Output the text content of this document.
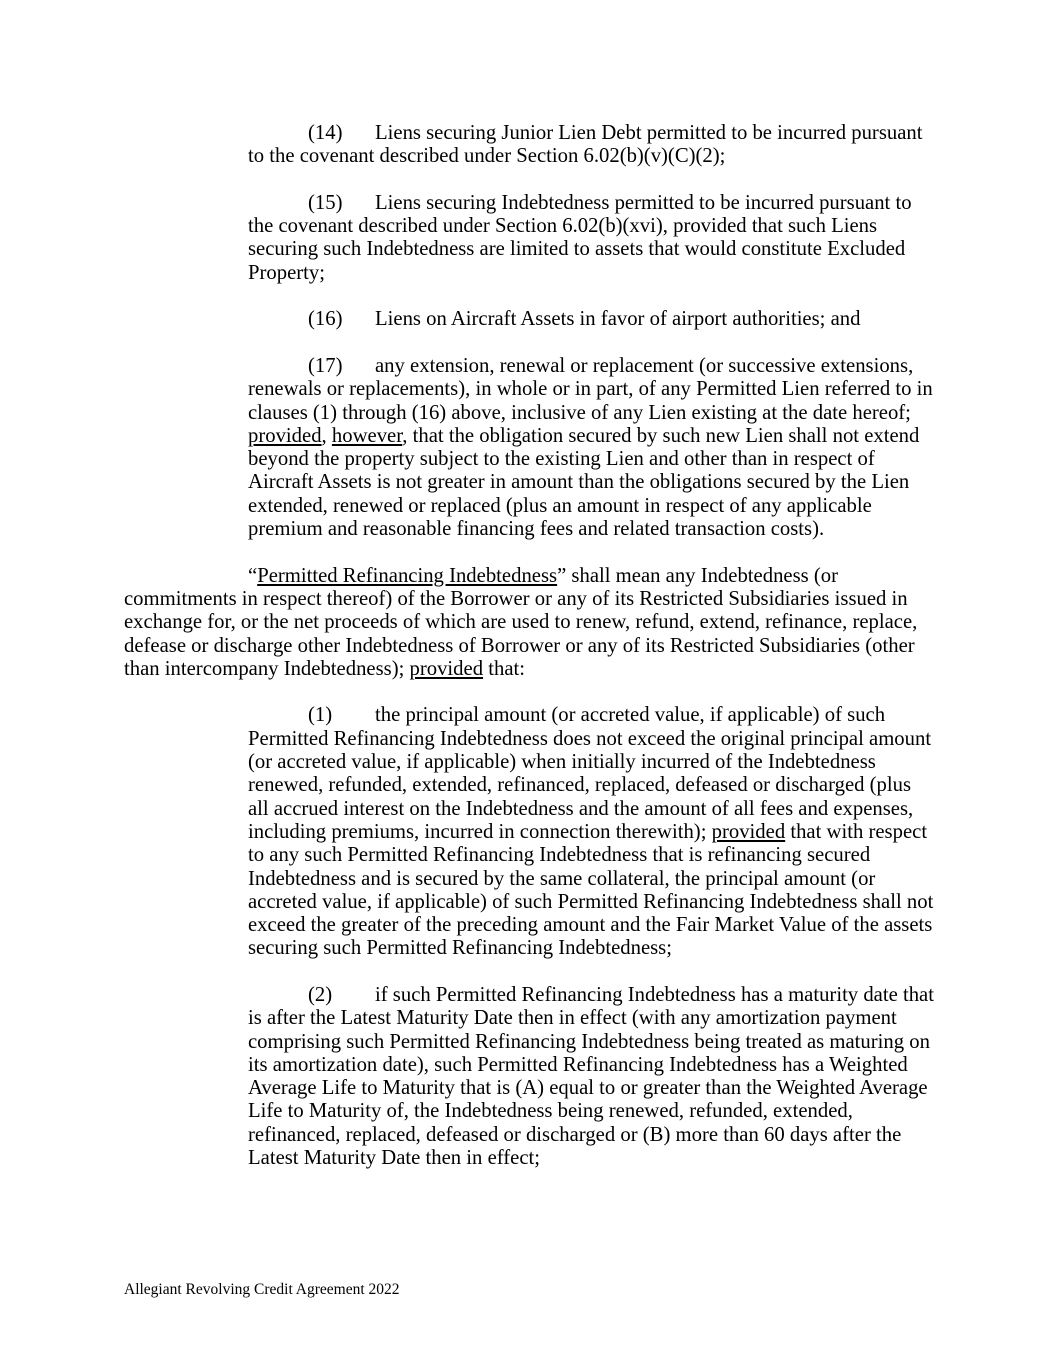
(14) Liens securing Junior Lien Debt permitted to be incurred pursuant to the covenant described under Section 6.02(b)(v)(C)(2);

(15) Liens securing Indebtedness permitted to be incurred pursuant to the covenant described under Section 6.02(b)(xvi), provided that such Liens securing such Indebtedness are limited to assets that would constitute Excluded Property;

(16) Liens on Aircraft Assets in favor of airport authorities; and

(17) any extension, renewal or replacement (or successive extensions, renewals or replacements), in whole or in part, of any Permitted Lien referred to in clauses (1) through (16) above, inclusive of any Lien existing at the date hereof; provided, however, that the obligation secured by such new Lien shall not extend beyond the property subject to the existing Lien and other than in respect of Aircraft Assets is not greater in amount than the obligations secured by the Lien extended, renewed or replaced (plus an amount in respect of any applicable premium and reasonable financing fees and related transaction costs).

“Permitted Refinancing Indebtedness” shall mean any Indebtedness (or commitments in respect thereof) of the Borrower or any of its Restricted Subsidiaries issued in exchange for, or the net proceeds of which are used to renew, refund, extend, refinance, replace, defease or discharge other Indebtedness of Borrower or any of its Restricted Subsidiaries (other than intercompany Indebtedness); provided that:

(1) the principal amount (or accreted value, if applicable) of such Permitted Refinancing Indebtedness does not exceed the original principal amount (or accreted value, if applicable) when initially incurred of the Indebtedness renewed, refunded, extended, refinanced, replaced, defeased or discharged (plus all accrued interest on the Indebtedness and the amount of all fees and expenses, including premiums, incurred in connection therewith); provided that with respect to any such Permitted Refinancing Indebtedness that is refinancing secured Indebtedness and is secured by the same collateral, the principal amount (or accreted value, if applicable) of such Permitted Refinancing Indebtedness shall not exceed the greater of the preceding amount and the Fair Market Value of the assets securing such Permitted Refinancing Indebtedness;

(2) if such Permitted Refinancing Indebtedness has a maturity date that is after the Latest Maturity Date then in effect (with any amortization payment comprising such Permitted Refinancing Indebtedness being treated as maturing on its amortization date), such Permitted Refinancing Indebtedness has a Weighted Average Life to Maturity that is (A) equal to or greater than the Weighted Average Life to Maturity of, the Indebtedness being renewed, refunded, extended, refinanced, replaced, defeased or discharged or (B) more than 60 days after the Latest Maturity Date then in effect;

Allegiant Revolving Credit Agreement 2022
